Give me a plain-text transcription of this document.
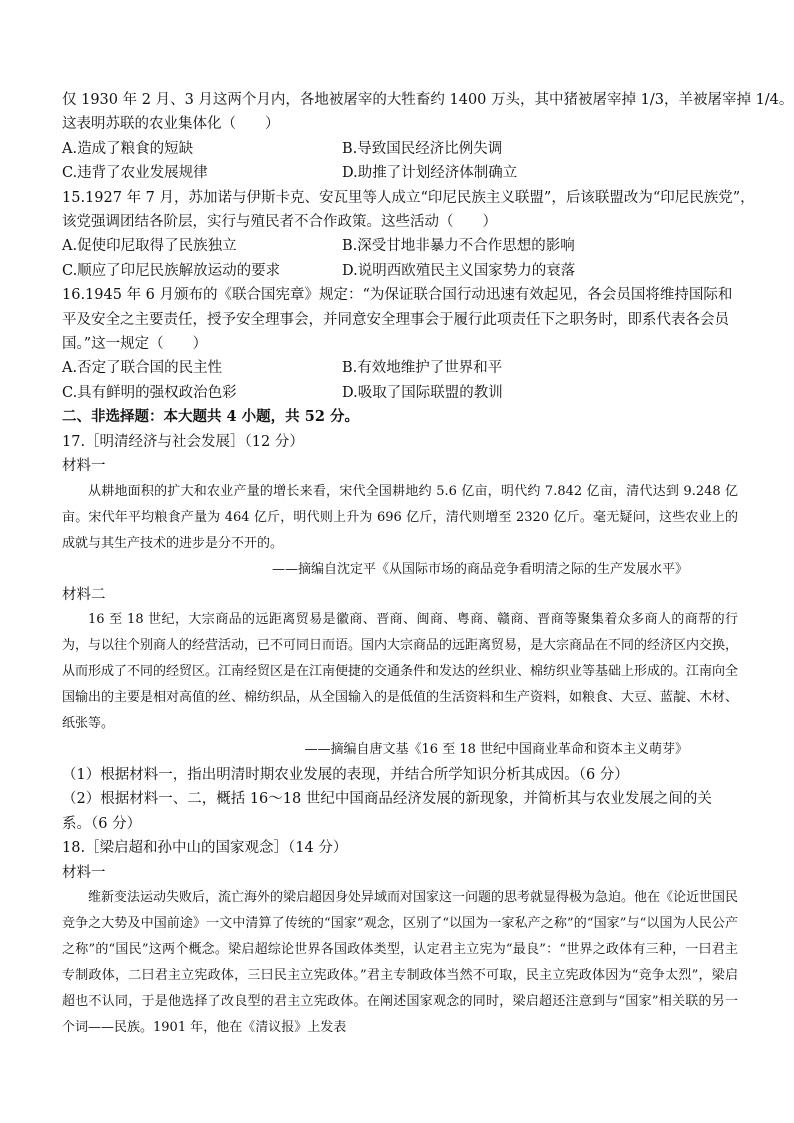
仅 1930 年 2 月、3 月这两个月内，各地被屠宰的大牲畜约 1400 万头，其中猪被屠宰掉 1/3，羊被屠宰掉 1/4。
这表明苏联的农业集体化（　　）
A.造成了粮食的短缺	B.导致国民经济比例失调
C.违背了农业发展规律	D.助推了计划经济体制确立
15.1927 年 7 月，苏加诺与伊斯卡克、安瓦里等人成立“印尼民族主义联盟”，后该联盟改为“印尼民族党”，
该党强调团结各阶层，实行与殖民者不合作政策。这些活动（　　）
A.促使印尼取得了民族独立	B.深受甘地非暴力不合作思想的影响
C.顺应了印尼民族解放运动的要求	D.说明西欧殖民主义国家势力的衰落
16.1945 年 6 月颁布的《联合国宪章》规定：“为保证联合国行动迅速有效起见，各会员国将维持国际和平及安全之主要责任，授予安全理事会，并同意安全理事会于履行此项责任下之职务时，即系代表各会员国。”这一规定（　　）
A.否定了联合国的民主性	B.有效地维护了世界和平
C.具有鲜明的强权政治色彩	D.吸取了国际联盟的教训
二、非选择题：本大题共 4 小题，共 52 分。
17.［明清经济与社会发展］（12 分）
材料一
从耕地面积的扩大和农业产量的增长来看，宋代全国耕地约 5.6 亿亩，明代约 7.842 亿亩，清代达到 9.248 亿亩。宋代年平均粮食产量为 464 亿斤，明代则上升为 696 亿斤，清代则增至 2320 亿斤。毫无疑问，这些农业上的成就与其生产技术的进步是分不开的。
——摘编自沈定平《从国际市场的商品竞争看明清之际的生产发展水平》
材料二
16 至 18 世纪，大宗商品的远距离贸易是徽商、晋商、闽商、粤商、赣商、晋商等聚集着众多商人的商帮的行为，与以往个别商人的经营活动，已不可同日而语。国内大宗商品的远距离贸易，是大宗商品在不同的经济区内交换，从而形成了不同的经贸区。江南经贸区是在江南便捷的交通条件和发达的丝织业、棉纺织业等基础上形成的。江南向全国输出的主要是相对高值的丝、棉纺织品，从全国输入的是低值的生活资料和生产资料，如粮食、大豆、蓝靛、木材、纸张等。
——摘编自唐文基《16 至 18 世纪中国商业革命和资本主义萌芽》
（1）根据材料一，指出明清时期农业发展的表现，并结合所学知识分析其成因。（6 分）
（2）根据材料一、二，概括 16～18 世纪中国商品经济发展的新现象，并简析其与农业发展之间的关系。（6 分）
18.［梁启超和孙中山的国家观念］（14 分）
材料一
维新变法运动失败后，流亡海外的梁启超因身处异域而对国家这一问题的思考就显得极为急迫。他在《论近世国民竞争之大势及中国前途》一文中清算了传统的“国家”观念，区别了“以国为一家私产之称”的“国家”与“以国为人民公产之称”的“国民”这两个概念。梁启超综论世界各国政体类型，认定君主立宪为“最良”：“世界之政体有三种，一曰君主专制政体，二曰君主立宪政体，三曰民主立宪政体。”君主专制政体当然不可取，民主立宪政体因为“竞争太烈”，梁启超也不认同，于是他选择了改良型的君主立宪政体。在阐述国家观念的同时，梁启超还注意到与“国家”相关联的另一个词——民族。1901 年，他在《清议报》上发表
